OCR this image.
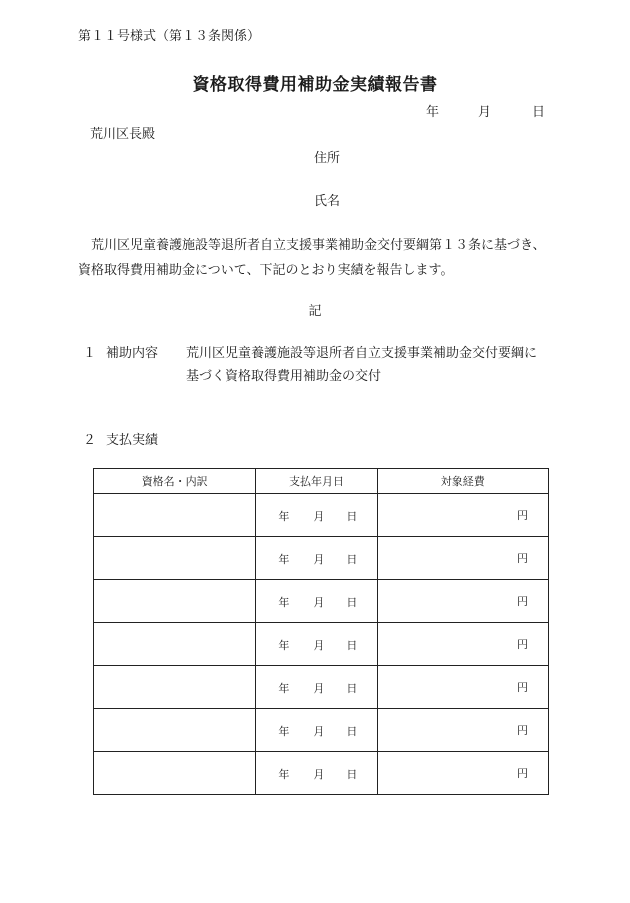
第１１号様式（第１３条関係）
資格取得費用補助金実績報告書
年	月	日
荒川区長殿
住所
氏名
荒川区児童養護施設等退所者自立支援事業補助金交付要綱第１３条に基づき、
資格取得費用補助金について、下記のとおり実績を報告します。
記
１ 補助内容 荒川区児童養護施設等退所者自立支援事業補助金交付要綱に
基づく資格取得費用補助金の交付
２ 支払実績
資格名・内訳	支払年月日	対象経費

	年 月 日	円

	年 月 日	円

	年 月 日	円

	年 月 日	円

	年 月 日	円

	年 月 日	円

	年 月 日	円
